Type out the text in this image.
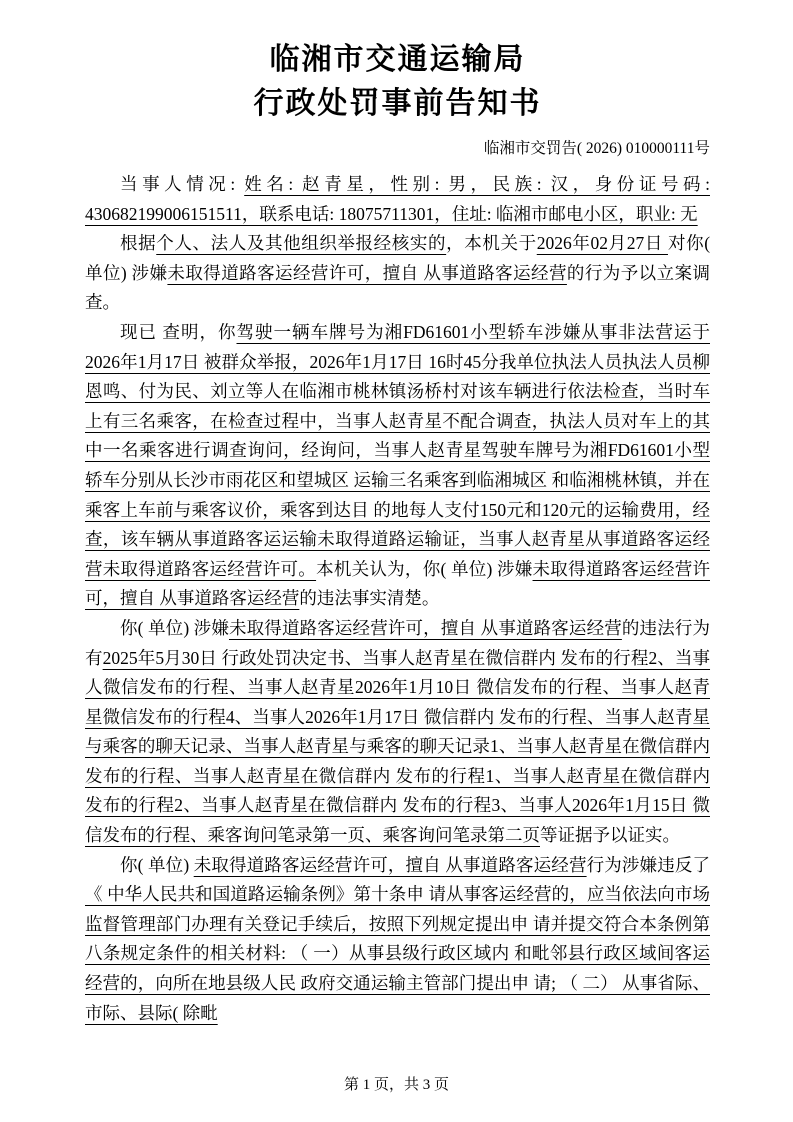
临湘市交通运输局
行政处罚事前告知书
临湘市交罚告( 2026) 010000111号

当事人情况: 姓名: 赵青星，性别: 男，民族: 汉，身份证号码: 430682199006151511，联系电话: 18075711301，住址: 临湘市邮电小区，职业: 无

根据个人、法人及其他组织举报经核实的，本机关于2026年02月27日 对你( 单位) 涉嫌未取得道路客运经营许可，擅自 从事道路客运经营的行为予以立案调查。

现已 查明，你驾驶一辆车牌号为湘FD61601小型轿车涉嫌从事非法营运于2026年1月17日 被群众举报，2026年1月17日 16时45分我单位执法人员执法人员柳恩鸣、付为民、刘立等人在临湘市桃林镇汤桥村对该车辆进行依法检查，当时车上有三名乘客，在检查过程中，当事人赵青星不配合调查，执法人员对车上的其中一名乘客进行调查询问，经询问，当事人赵青星驾驶车牌号为湘FD61601小型轿车分别从长沙市雨花区和望城区 运输三名乘客到临湘城区 和临湘桃林镇，并在乘客上车前与乘客议价，乘客到达目 的地每人支付150元和120元的运输费用，经查，该车辆从事道路客运运输未取得道路运输证，当事人赵青星从事道路客运经营未取得道路客运经营许可。本机关认为，你( 单位) 涉嫌未取得道路客运经营许可，擅自 从事道路客运经营的违法事实清楚。

你( 单位) 涉嫌未取得道路客运经营许可，擅自 从事道路客运经营的违法行为有2025年5月30日 行政处罚决定书、当事人赵青星在微信群内 发布的行程2、当事人微信发布的行程、当事人赵青星2026年1月10日 微信发布的行程、当事人赵青星微信发布的行程4、当事人2026年1月17日 微信群内 发布的行程、当事人赵青星与乘客的聊天记录、当事人赵青星与乘客的聊天记录1、当事人赵青星在微信群内 发布的行程、当事人赵青星在微信群内 发布的行程1、当事人赵青星在微信群内 发布的行程2、当事人赵青星在微信群内 发布的行程3、当事人2026年1月15日 微信发布的行程、乘客询问笔录第一页、乘客询问笔录第二页等证据予以证实。

你( 单位) 未取得道路客运经营许可，擅自 从事道路客运经营行为涉嫌违反了《 中华人民共和国道路运输条例》第十条申 请从事客运经营的，应当依法向市场监督管理部门办理有关登记手续后，按照下列规定提出申 请并提交符合本条例第八条规定条件的相关材料: （ 一）从事县级行政区域内 和毗邻县行政区域间客运经营的，向所在地县级人民 政府交通运输主管部门提出申 请; （ 二） 从事省际、市际、县际( 除毗

第 1 页，共 3 页
